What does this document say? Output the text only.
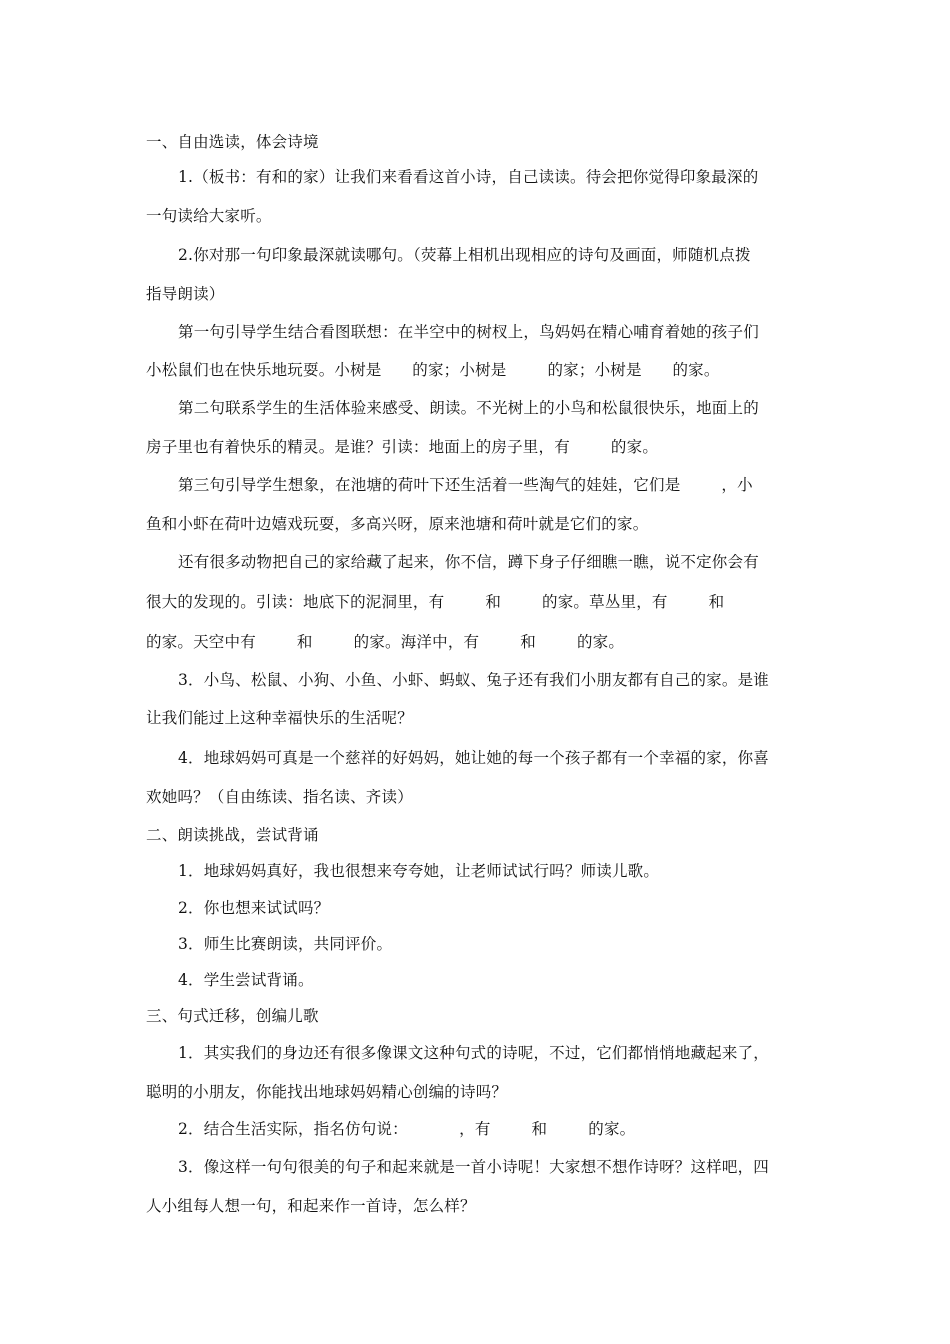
一、自由选读，体会诗境
1.（板书：有和的家）让我们来看看这首小诗，自己读读。待会把你觉得印象最深的
一句读给大家听。
2.你对那一句印象最深就读哪句。（荧幕上相机出现相应的诗句及画面，师随机点拨
指导朗读）
第一句引导学生结合看图联想：在半空中的树杈上，鸟妈妈在精心哺育着她的孩子们
小松鼠们也在快乐地玩耍。小树是      的家；小树是        的家；小树是      的家。
第二句联系学生的生活体验来感受、朗读。不光树上的小鸟和松鼠很快乐，地面上的
房子里也有着快乐的精灵。是谁？引读：地面上的房子里，有        的家。
第三句引导学生想象，在池塘的荷叶下还生活着一些淘气的娃娃，它们是        ，小
鱼和小虾在荷叶边嬉戏玩耍，多高兴呀，原来池塘和荷叶就是它们的家。
还有很多动物把自己的家给藏了起来，你不信，蹲下身子仔细瞧一瞧，说不定你会有
很大的发现的。引读：地底下的泥洞里，有        和        的家。草丛里，有        和
的家。天空中有        和        的家。海洋中，有        和        的家。
3．小鸟、松鼠、小狗、小鱼、小虾、蚂蚁、兔子还有我们小朋友都有自己的家。是谁
让我们能过上这种幸福快乐的生活呢？
4．地球妈妈可真是一个慈祥的好妈妈，她让她的每一个孩子都有一个幸福的家，你喜
欢她吗？（自由练读、指名读、齐读）
二、朗读挑战，尝试背诵
1．地球妈妈真好，我也很想来夸夸她，让老师试试行吗？师读儿歌。
2．你也想来试试吗？
3．师生比赛朗读，共同评价。
4．学生尝试背诵。
三、句式迁移，创编儿歌
1．其实我们的身边还有很多像课文这种句式的诗呢，不过，它们都悄悄地藏起来了，
聪明的小朋友，你能找出地球妈妈精心创编的诗吗？
2．结合生活实际，指名仿句说：          ，有        和        的家。
3．像这样一句句很美的句子和起来就是一首小诗呢！大家想不想作诗呀？这样吧，四
人小组每人想一句，和起来作一首诗，怎么样？
